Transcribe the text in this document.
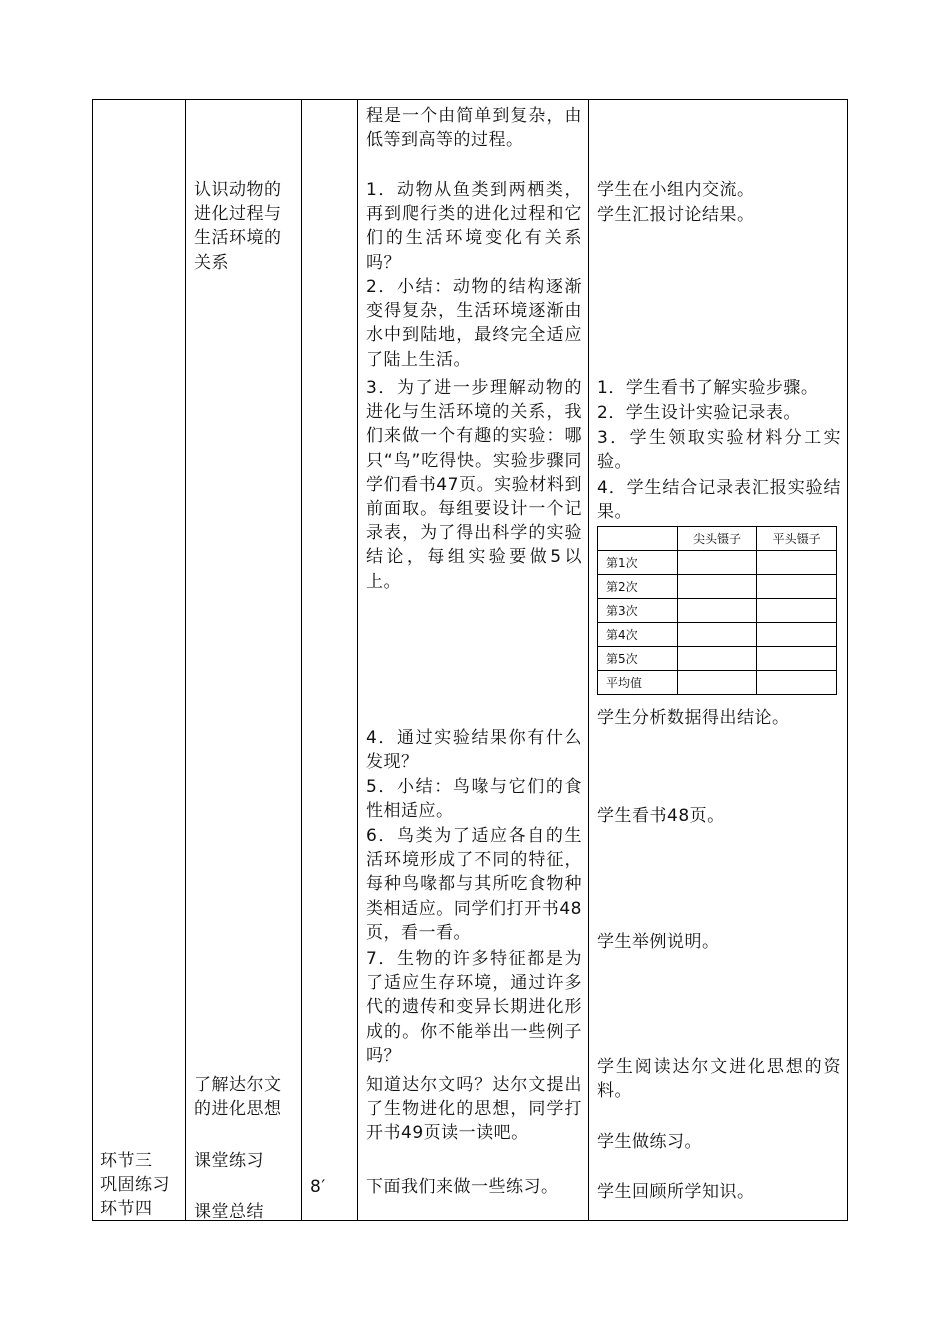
环节三
巩固练习
环节四
认识动物的进化过程与生活环境的关系
了解达尔文的进化思想
课堂练习
课堂总结
8′
程是一个由简单到复杂，由低等到高等的过程。
1．动物从鱼类到两栖类，再到爬行类的进化过程和它们的生活环境变化有关系吗？
2．小结：动物的结构逐渐变得复杂，生活环境逐渐由水中到陆地，最终完全适应了陆上生活。
3．为了进一步理解动物的进化与生活环境的关系，我们来做一个有趣的实验：哪只“鸟”吃得快。实验步骤同学们看书47页。实验材料到前面取。每组要设计一个记录表，为了得出科学的实验结论，每组实验要做5以上。
4．通过实验结果你有什么发现？
5．小结：鸟喙与它们的食性相适应。
6．鸟类为了适应各自的生活环境形成了不同的特征，每种鸟喙都与其所吃食物种类相适应。同学们打开书48页，看一看。
7．生物的许多特征都是为了适应生存环境，通过许多代的遗传和变异长期进化形成的。你不能举出一些例子吗？
知道达尔文吗？达尔文提出了生物进化的思想，同学打开书49页读一读吧。
下面我们来做一些练习。
学生在小组内交流。
学生汇报讨论结果。
1．学生看书了解实验步骤。
2．学生设计实验记录表。
3．学生领取实验材料分工实验。
4．学生结合记录表汇报实验结果。
	尖头镊子	平头镊子
第1次		
第2次		
第3次		
第4次		
第5次		
平均值		
学生分析数据得出结论。
学生看书48页。
学生举例说明。
学生阅读达尔文进化思想的资料。
学生做练习。
学生回顾所学知识。
